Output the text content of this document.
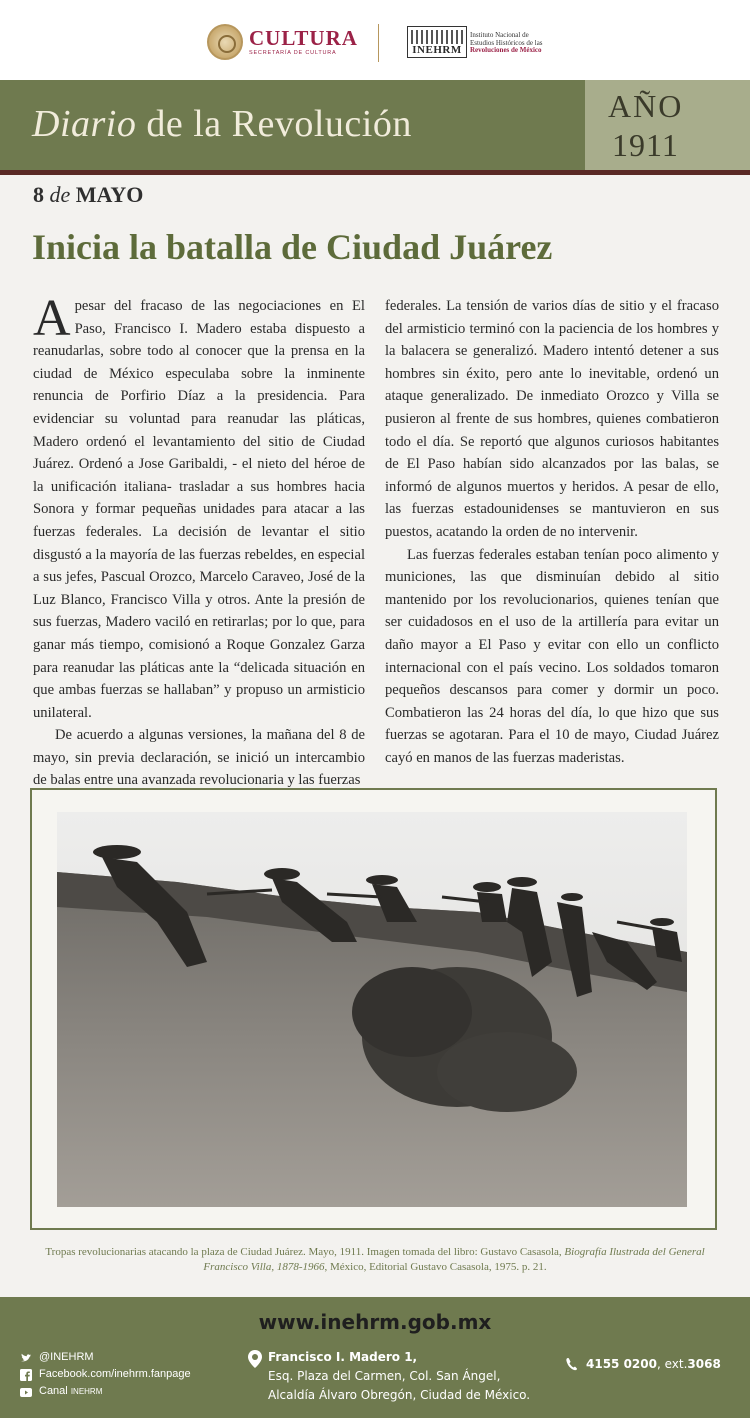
CULTURA
SECRETARÍA DE CULTURA	INEHRM
Instituto Nacional de
Estudios Históricos de las
Revoluciones de México
Diario de la Revolución	AÑO
1911
8 de MAYO
Inicia la batalla de Ciudad Juárez

Apesar del fracaso de las negociaciones en El Paso, Francisco I. Madero estaba dispuesto a reanudarlas, sobre todo al conocer que la prensa en la ciudad de México especulaba sobre la inminente renuncia de Porfirio Díaz a la presidencia. Para evidenciar su voluntad para reanudar las pláticas, Madero ordenó el levantamiento del sitio de Ciudad Juárez. Ordenó a Jose Garibaldi, - el nieto del héroe de la unificación italiana- trasladar a sus hombres hacia Sonora y formar pequeñas unidades para atacar a las fuerzas federales. La decisión de levantar el sitio disgustó a la mayoría de las fuerzas rebeldes, en especial a sus jefes, Pascual Orozco, Marcelo Caraveo, José de la Luz Blanco, Francisco Villa y otros. Ante la presión de sus fuerzas, Madero vaciló en retirarlas; por lo que, para ganar más tiempo, comisionó a Roque Gonzalez Garza para reanudar las pláticas ante la “delicada situación en que ambas fuerzas se hallaban” y propuso un armisticio unilateral.

De acuerdo a algunas versiones, la mañana del 8 de mayo, sin previa declaración, se inició un intercambio de balas entre una avanzada revolucionaria y las fuerzas

federales. La tensión de varios días de sitio y el fracaso del armisticio terminó con la paciencia de los hombres y la balacera se generalizó. Madero intentó detener a sus hombres sin éxito, pero ante lo inevitable, ordenó un ataque generalizado. De inmediato Orozco y Villa se pusieron al frente de sus hombres, quienes combatieron todo el día. Se reportó que algunos curiosos habitantes de El Paso habían sido alcanzados por las balas, se informó de algunos muertos y heridos. A pesar de ello, las fuerzas estadounidenses se mantuvieron en sus puestos, acatando la orden de no intervenir.

Las fuerzas federales estaban tenían poco alimento y municiones, las que disminuían debido al sitio mantenido por los revolucionarios, quienes tenían que ser cuidadosos en el uso de la artillería para evitar un daño mayor a El Paso y evitar con ello un conflicto internacional con el país vecino. Los soldados tomaron pequeños descansos para comer y dormir un poco. Combatieron las 24 horas del día, lo que hizo que sus fuerzas se agotaran. Para el 10 de mayo, Ciudad Juárez cayó en manos de las fuerzas maderistas.

Tropas revolucionarias atacando la plaza de Ciudad Juárez. Mayo, 1911. Imagen tomada del libro: Gustavo Casasola, Biografía Ilustrada del General Francisco Villa, 1878-1966, México, Editorial Gustavo Casasola, 1975. p. 21.
www.inehrm.gob.mx
@INEHRM
Facebook.com/inehrm.fanpage
Canal
INEHRM
Francisco I. Madero 1,
Esq. Plaza del Carmen, Col. San Ángel,
Alcaldía Álvaro Obregón, Ciudad de México.
4155 0200 , ext. 3068
